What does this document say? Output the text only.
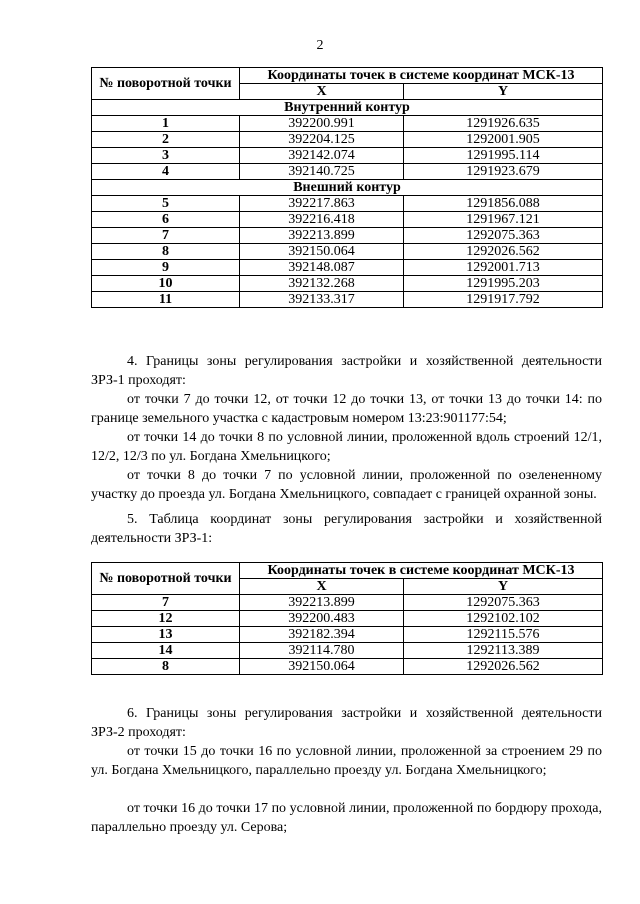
2
№ поворотной точки	Координаты точек в системе координат МСК-13	
	X	Y
Внутренний контур		
1	392200.991	1291926.635
2	392204.125	1292001.905
3	392142.074	1291995.114
4	392140.725	1291923.679
Внешний контур		
5	392217.863	1291856.088
6	392216.418	1291967.121
7	392213.899	1292075.363
8	392150.064	1292026.562
9	392148.087	1292001.713
10	392132.268	1291995.203
11	392133.317	1291917.792

4. Границы зоны регулирования застройки и хозяйственной деятельности ЗРЗ-1 проходят:

от точки 7 до точки 12, от точки 12 до точки 13, от точки 13 до точки 14: по границе земельного участка с кадастровым номером 13:23:901177:54;

от точки 14 до точки 8 по условной линии, проложенной вдоль строений 12/1, 12/2, 12/3 по ул. Богдана Хмельницкого;

от точки 8 до точки 7 по условной линии, проложенной по озелененному участку до проезда ул. Богдана Хмельницкого, совпадает с границей охранной зоны.

5. Таблица координат зоны регулирования застройки и хозяйственной деятельности ЗРЗ-1:

№ поворотной точки	Координаты точек в системе координат МСК-13	
	X	Y
7	392213.899	1292075.363
12	392200.483	1292102.102
13	392182.394	1292115.576
14	392114.780	1292113.389
8	392150.064	1292026.562

6. Границы зоны регулирования застройки и хозяйственной деятельности ЗРЗ-2 проходят:

от точки 15 до точки 16 по условной линии, проложенной за строением 29 по ул. Богдана Хмельницкого, параллельно проезду ул. Богдана Хмельницкого;

от точки 16 до точки 17 по условной линии, проложенной по бордюру прохода, параллельно проезду ул. Серова;
